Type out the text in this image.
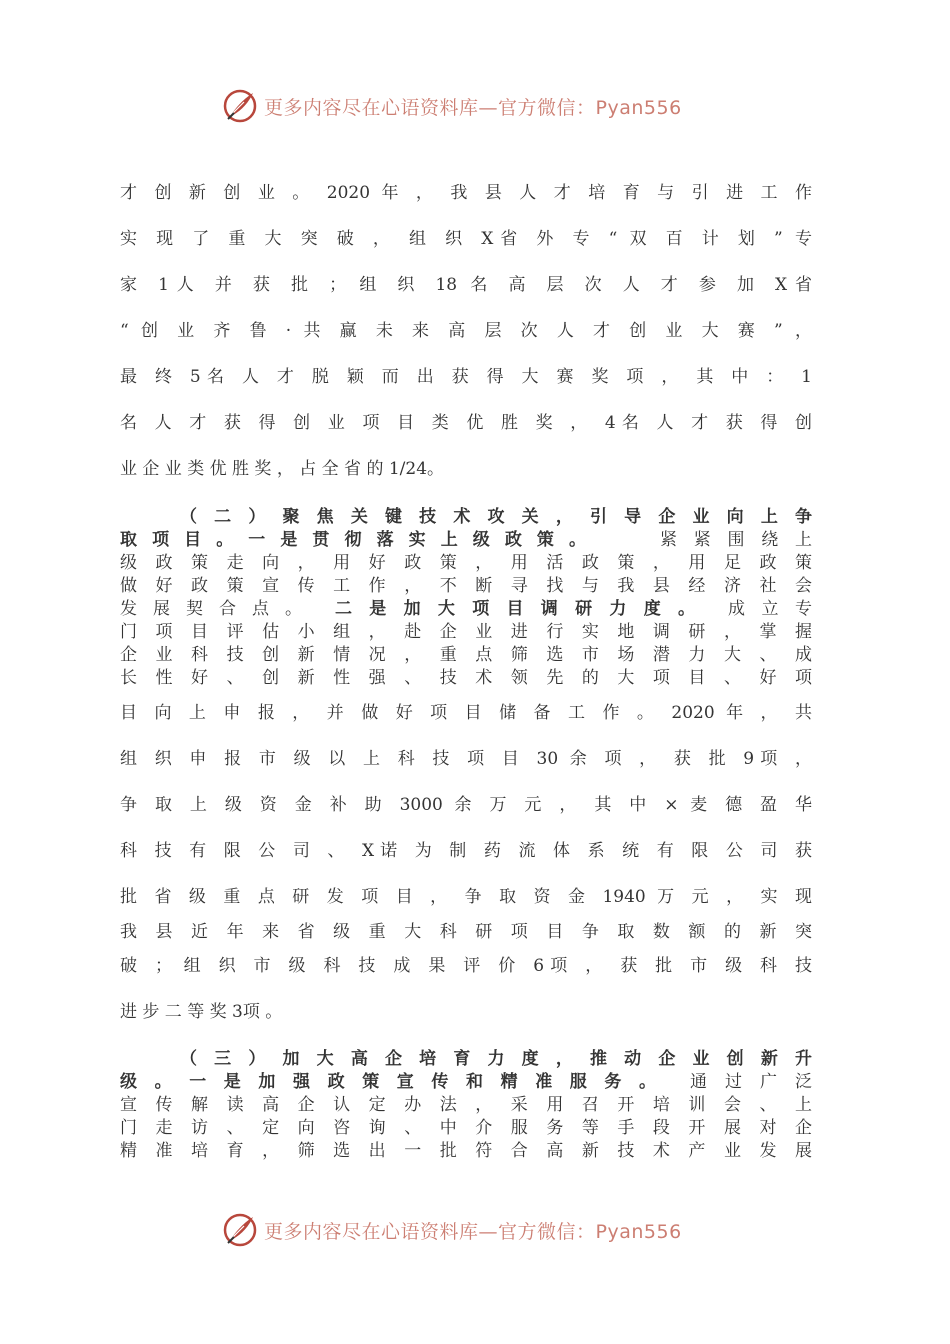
更多内容尽在心语资料库—官方微信：Pyan556
才 创 新 创 业 。 2020 年 ， 我 县 人 才 培 育 与 引 进 工 作
实 现 了 重 大 突 破 ， 组 织 X省 外 专 “ 双 百 计 划 ” 专
家 1人 并 获 批 ； 组 织 18 名 高 层 次 人 才 参 加 X省
“ 创 业 齐 鲁 · 共 赢 未 来 高 层 次 人 才 创 业 大 赛 ” ，
最 终 5名 人 才 脱 颖 而 出 获 得 大 赛 奖 项 ， 其 中 ： 1
名 人 才 获 得 创 业 项 目 类 优 胜 奖 ， 4名 人 才 获 得 创
业 企 业 类 优 胜 奖 ， 占 全 省 的 1/24。
（ 二 ） 聚 焦 关 键 技 术 攻 关 ， 引 导 企 业 向 上 争
取 项 目 。 一 是 贯 彻 落 实 上 级 政 策 。	紧 紧 围 绕 上
级 政 策 走 向 ， 用 好 政 策 ， 用 活 政 策 ， 用 足 政 策
做 好 政 策 宣 传 工 作 ， 不 断 寻 找 与 我 县 经 济 社 会
发 展 契 合 点 。 二 是 加 大 项 目 调 研 力 度 。 成 立 专
门 项 目 评 估 小 组 ， 赴 企 业 进 行 实 地 调 研 ， 掌 握
企 业 科 技 创 新 情 况 ， 重 点 筛 选 市 场 潜 力 大 、 成
长 性 好 、 创 新 性 强 、 技 术 领 先 的 大 项 目 、 好 项
目 向 上 申 报 ， 并 做 好 项 目 储 备 工 作 。 2020 年 ， 共
组 织 申 报 市 级 以 上 科 技 项 目 30 余 项 ， 获 批 9项 ，
争 取 上 级 资 金 补 助 3000 余 万 元 ， 其 中 × 麦 德 盈 华
科 技 有 限 公 司 、 X诺 为 制 药 流 体 系 统 有 限 公 司 获
批 省 级 重 点 研 发 项 目 ， 争 取 资 金 1940 万 元 ， 实 现
我 县 近 年 来 省 级 重 大 科 研 项 目 争 取 数 额 的 新 突
破 ； 组 织 市 级 科 技 成 果 评 价 6项 ， 获 批 市 级 科 技
进 步 二 等 奖 3项 。
（ 三 ） 加 大 高 企 培 育 力 度 ， 推 动 企 业 创 新 升
级 。 一 是 加 强 政 策 宣 传 和 精 准 服 务 。 通 过 广 泛
宣 传 解 读 高 企 认 定 办 法 ， 采 用 召 开 培 训 会 、 上
门 走 访 、 定 向 咨 询 、 中 介 服 务 等 手 段 开 展 对 企
精 准 培 育 ， 筛 选 出 一 批 符 合 高 新 技 术 产 业 发 展
更多内容尽在心语资料库—官方微信：Pyan556
